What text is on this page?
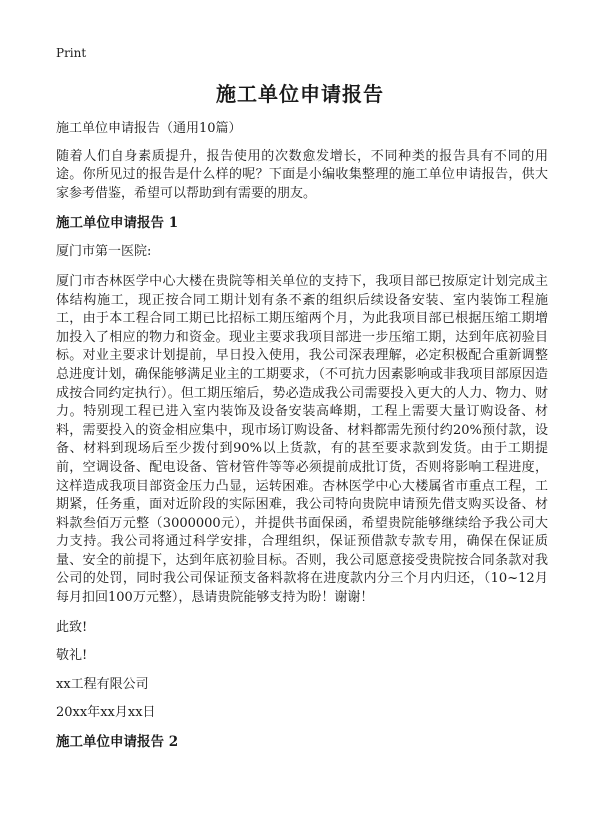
Print
施工单位申请报告
施工单位申请报告（通用10篇）
随着人们自身素质提升，报告使用的次数愈发增长，不同种类的报告具有不同的用途。你所见过的报告是什么样的呢？下面是小编收集整理的施工单位申请报告，供大家参考借鉴，希望可以帮助到有需要的朋友。
施工单位申请报告 1
厦门市第一医院:
厦门市杏林医学中心大楼在贵院等相关单位的支持下，我项目部已按原定计划完成主体结构施工，现正按合同工期计划有条不紊的组织后续设备安装、室内装饰工程施工，由于本工程合同工期已比招标工期压缩两个月，为此我项目部已根据压缩工期增加投入了相应的物力和资金。现业主要求我项目部进一步压缩工期，达到年底初验目标。对业主要求计划提前，早日投入使用，我公司深表理解，必定积极配合重新调整总进度计划，确保能够满足业主的工期要求，（不可抗力因素影响或非我项目部原因造成按合同约定执行）。但工期压缩后，势必造成我公司需要投入更大的人力、物力、财力。特别现工程已进入室内装饰及设备安装高峰期，工程上需要大量订购设备、材料，需要投入的资金相应集中，现市场订购设备、材料都需先预付约20%预付款，设备、材料到现场后至少拨付到90%以上货款，有的甚至要求款到发货。由于工期提前，空调设备、配电设备、管材管件等等必须提前成批订货，否则将影响工程进度，这样造成我项目部资金压力凸显，运转困难。杏林医学中心大楼属省市重点工程，工期紧，任务重，面对近阶段的实际困难，我公司特向贵院申请预先借支购买设备、材料款叁佰万元整（3000000元），并提供书面保函，希望贵院能够继续给予我公司大力支持。我公司将通过科学安排，合理组织，保证预借款专款专用，确保在保证质量、安全的前提下，达到年底初验目标。否则，我公司愿意接受贵院按合同条款对我公司的处罚，同时我公司保证预支备料款将在进度款内分三个月内归还，（10~12月每月扣回100万元整），恳请贵院能够支持为盼！谢谢！
此致!
敬礼!
xx工程有限公司
20xx年xx月xx日
施工单位申请报告 2
